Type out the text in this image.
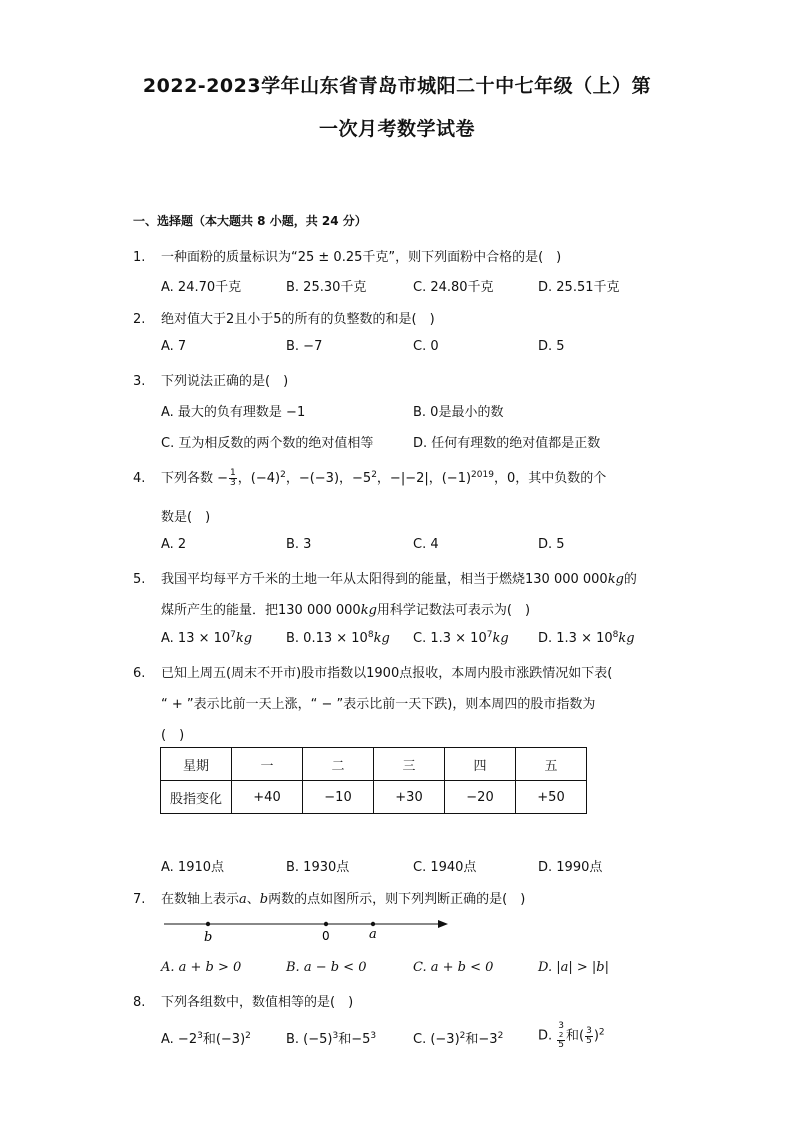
2022-2023学年山东省青岛市城阳二十中七年级（上）第
一次月考数学试卷
一、选择题（本大题共 8 小题，共 24 分）
1. 一种面粉的质量标识为“25 ± 0.25千克”，则下列面粉中合格的是(　)
A. 24.70千克	B. 25.30千克	C. 24.80千克	D. 25.51千克
2. 绝对值大于2且小于5的所有的负整数的和是(　)
A. 7	B. −7	C. 0	D. 5
3. 下列说法正确的是(　)
A. 最大的负有理数是 −1	B. 0是最小的数
C. 互为相反数的两个数的绝对值相等	D. 任何有理数的绝对值都是正数
4. 下列各数 − $\frac{1}{3}$ ，$(-4)^2$，−(−3)，$-5^2$，−|−2|，$(-1)^{2019}$，0，其中负数的个
数是(　)
A. 2	B. 3	C. 4	D. 5
5. 我国平均每平方千米的土地一年从太阳得到的能量，相当于燃烧130 000 000kg的
煤所产生的能量．把130 000 000kg用科学记数法可表示为(　)
A. $13 \times 10^7kg$	B. $0.13 \times 10^8kg$ C. $1.3 \times 10^7kg$ D. $1.3 \times 10^8kg$
6. 已知上周五(周末不开市)股市指数以1900点报收，本周内股市涨跌情况如下表(
“ + ”表示比前一天上涨，“ − ”表示比前一天下跌)，则本周四的股市指数为
(　)
星期	一	二	三	四	五
股指变化	+40	−10	+30	−20	+50
A. 1910点	B. 1930点	C. 1940点	D. 1990点
7. 在数轴上表示a、b两数的点如图所示，则下列判断正确的是(　)
b	0	a
A. a + b > 0	B. a − b < 0	C. a + b < 0	D. |a| > |b|
8. 下列各组数中，数值相等的是(　)
A. $-2^3$和$(-3)^2$	B. $(-5)^3$和$-5^3$	C. $(-3)^2$和$-3^2$	D. 3
2
5 和( $\frac{3}{5} )^2$
